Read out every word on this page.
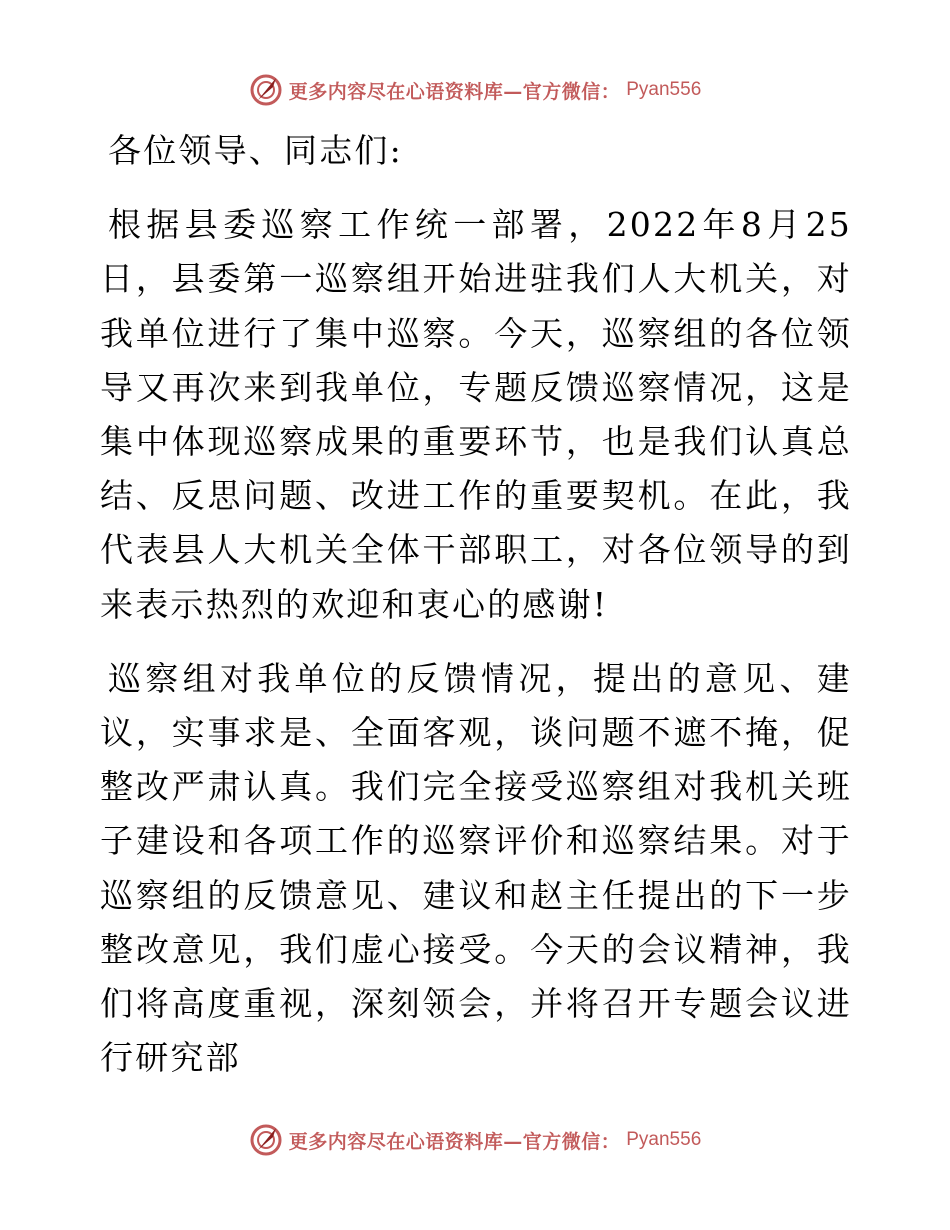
更多内容尽在心语资料库—官方微信： Pyan556

各位领导、同志们:

根据县委巡察工作统一部署，2022年8月25日，县委第一巡察组开始进驻我们人大机关，对我单位进行了集中巡察。今天，巡察组的各位领导又再次来到我单位，专题反馈巡察情况，这是集中体现巡察成果的重要环节，也是我们认真总结、反思问题、改进工作的重要契机。在此，我代表县人大机关全体干部职工，对各位领导的到来表示热烈的欢迎和衷心的感谢!

巡察组对我单位的反馈情况，提出的意见、建议，实事求是、全面客观，谈问题不遮不掩，促整改严肃认真。我们完全接受巡察组对我机关班子建设和各项工作的巡察评价和巡察结果。对于巡察组的反馈意见、建议和赵主任提出的下一步整改意见，我们虚心接受。今天的会议精神，我们将高度重视，深刻领会，并将召开专题会议进行研究部

更多内容尽在心语资料库—官方微信： Pyan556
